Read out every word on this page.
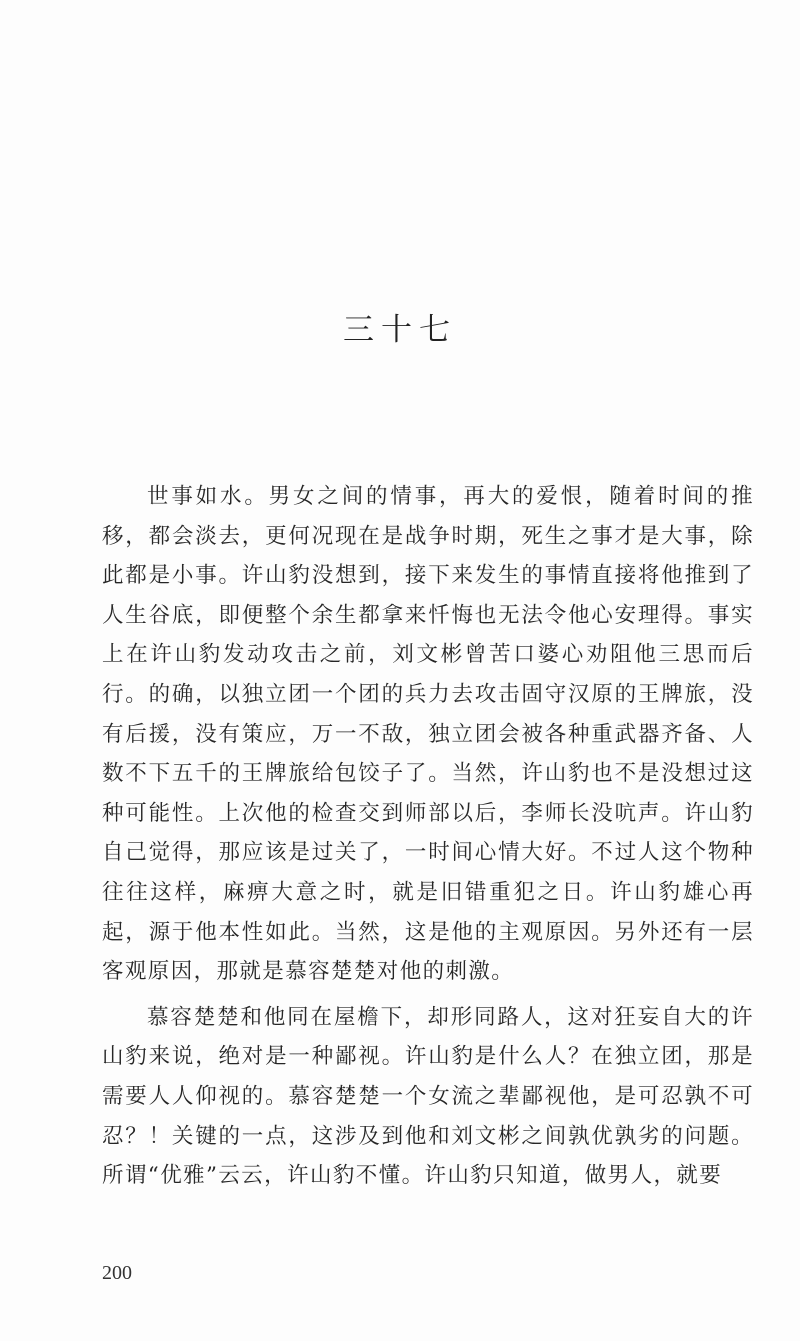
三十七

世事如水。男女之间的情事，再大的爱恨，随着时间的推移，都会淡去，更何况现在是战争时期，死生之事才是大事，除此都是小事。许山豹没想到，接下来发生的事情直接将他推到了人生谷底，即便整个余生都拿来忏悔也无法令他心安理得。事实上在许山豹发动攻击之前，刘文彬曾苦口婆心劝阻他三思而后行。的确，以独立团一个团的兵力去攻击固守汉原的王牌旅，没有后援，没有策应，万一不敌，独立团会被各种重武器齐备、人数不下五千的王牌旅给包饺子了。当然，许山豹也不是没想过这种可能性。上次他的检查交到师部以后，李师长没吭声。许山豹自己觉得，那应该是过关了，一时间心情大好。不过人这个物种往往这样，麻痹大意之时，就是旧错重犯之日。许山豹雄心再起，源于他本性如此。当然，这是他的主观原因。另外还有一层客观原因，那就是慕容楚楚对他的刺激。

慕容楚楚和他同在屋檐下，却形同路人，这对狂妄自大的许山豹来说，绝对是一种鄙视。许山豹是什么人？在独立团，那是需要人人仰视的。慕容楚楚一个女流之辈鄙视他，是可忍孰不可忍？！关键的一点，这涉及到他和刘文彬之间孰优孰劣的问题。所谓“优雅”云云，许山豹不懂。许山豹只知道，做男人，就要

200
